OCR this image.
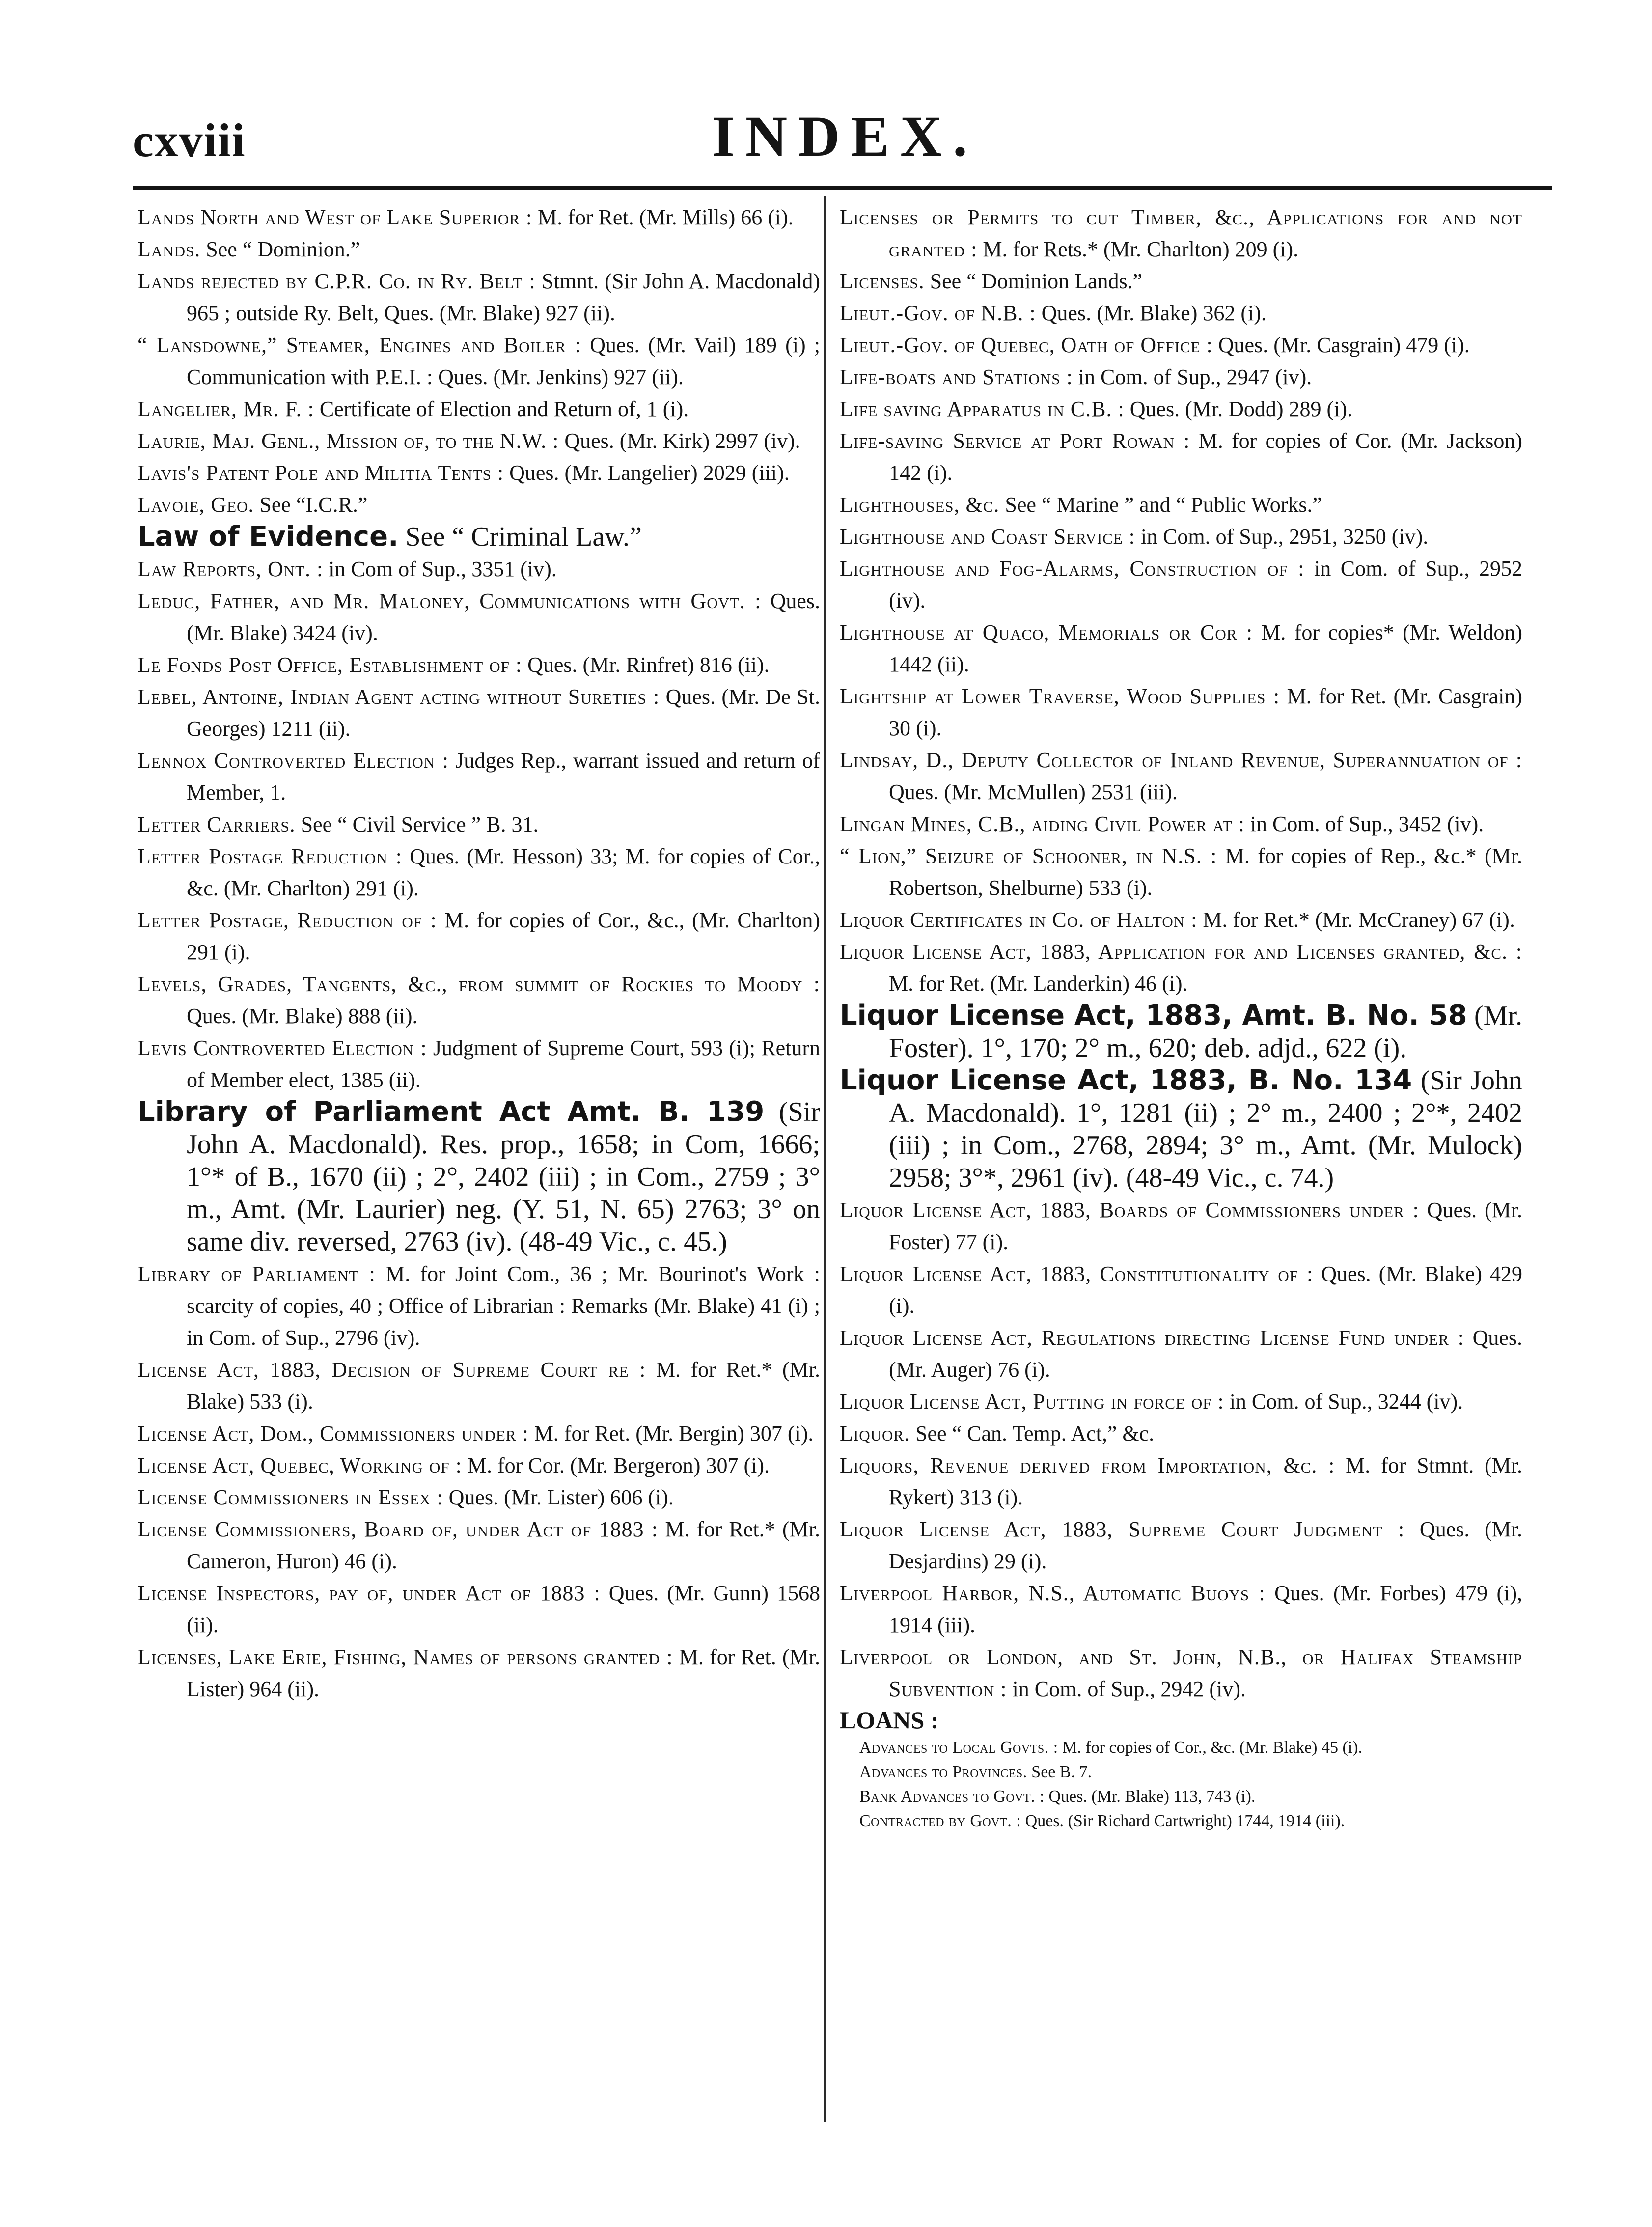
cxviii	INDEX.

Lands North and West of Lake Superior : M. for Ret. (Mr. Mills) 66 (i).

Lands. See “ Dominion.”

Lands rejected by C.P.R. Co. in Ry. Belt : Stmnt. (Sir John A. Macdonald) 965 ; outside Ry. Belt, Ques. (Mr. Blake) 927 (ii).

“ Lansdowne,” Steamer, Engines and Boiler : Ques. (Mr. Vail) 189 (i) ; Communication with P.E.I. : Ques. (Mr. Jenkins) 927 (ii).

Langelier, Mr. F. : Certificate of Election and Return of, 1 (i).

Laurie, Maj. Genl., Mission of, to the N.W. : Ques. (Mr. Kirk) 2997 (iv).

Lavis's Patent Pole and Militia Tents : Ques. (Mr. Langelier) 2029 (iii).

Lavoie, Geo. See “I.C.R.”

Law of Evidence. See “ Criminal Law.”

Law Reports, Ont. : in Com of Sup., 3351 (iv).

Leduc, Father, and Mr. Maloney, Communications with Govt. : Ques. (Mr. Blake) 3424 (iv).

Le Fonds Post Office, Establishment of : Ques. (Mr. Rinfret) 816 (ii).

Lebel, Antoine, Indian Agent acting without Sureties : Ques. (Mr. De St. Georges) 1211 (ii).

Lennox Controverted Election : Judges Rep., warrant issued and return of Member, 1.

Letter Carriers. See “ Civil Service ” B. 31.

Letter Postage Reduction : Ques. (Mr. Hesson) 33; M. for copies of Cor., &c. (Mr. Charlton) 291 (i).

Letter Postage, Reduction of : M. for copies of Cor., &c., (Mr. Charlton) 291 (i).

Levels, Grades, Tangents, &c., from summit of Rockies to Moody : Ques. (Mr. Blake) 888 (ii).

Levis Controverted Election : Judgment of Supreme Court, 593 (i); Return of Member elect, 1385 (ii).

Library of Parliament Act Amt. B. 139 (Sir John A. Macdonald). Res. prop., 1658; in Com, 1666; 1°* of B., 1670 (ii) ; 2°, 2402 (iii) ; in Com., 2759 ; 3° m., Amt. (Mr. Laurier) neg. (Y. 51, N. 65) 2763; 3° on same div. reversed, 2763 (iv). (48-49 Vic., c. 45.)

Library of Parliament : M. for Joint Com., 36 ; Mr. Bourinot's Work : scarcity of copies, 40 ; Office of Librarian : Remarks (Mr. Blake) 41 (i) ; in Com. of Sup., 2796 (iv).

License Act, 1883, Decision of Supreme Court re : M. for Ret.* (Mr. Blake) 533 (i).

License Act, Dom., Commissioners under : M. for Ret. (Mr. Bergin) 307 (i).

License Act, Quebec, Working of : M. for Cor. (Mr. Bergeron) 307 (i).

License Commissioners in Essex : Ques. (Mr. Lister) 606 (i).

License Commissioners, Board of, under Act of 1883 : M. for Ret.* (Mr. Cameron, Huron) 46 (i).

License Inspectors, pay of, under Act of 1883 : Ques. (Mr. Gunn) 1568 (ii).

Licenses, Lake Erie, Fishing, Names of persons granted : M. for Ret. (Mr. Lister) 964 (ii).

Licenses or Permits to cut Timber, &c., Applications for and not granted : M. for Rets.* (Mr. Charlton) 209 (i).

Licenses. See “ Dominion Lands.”

Lieut.-Gov. of N.B. : Ques. (Mr. Blake) 362 (i).

Lieut.-Gov. of Quebec, Oath of Office : Ques. (Mr. Casgrain) 479 (i).

Life-boats and Stations : in Com. of Sup., 2947 (iv).

Life saving Apparatus in C.B. : Ques. (Mr. Dodd) 289 (i).

Life-saving Service at Port Rowan : M. for copies of Cor. (Mr. Jackson) 142 (i).

Lighthouses, &c. See “ Marine ” and “ Public Works.”

Lighthouse and Coast Service : in Com. of Sup., 2951, 3250 (iv).

Lighthouse and Fog-Alarms, Construction of : in Com. of Sup., 2952 (iv).

Lighthouse at Quaco, Memorials or Cor : M. for copies* (Mr. Weldon) 1442 (ii).

Lightship at Lower Traverse, Wood Supplies : M. for Ret. (Mr. Casgrain) 30 (i).

Lindsay, D., Deputy Collector of Inland Revenue, Superannuation of : Ques. (Mr. McMullen) 2531 (iii).

Lingan Mines, C.B., aiding Civil Power at : in Com. of Sup., 3452 (iv).

“ Lion,” Seizure of Schooner, in N.S. : M. for copies of Rep., &c.* (Mr. Robertson, Shelburne) 533 (i).

Liquor Certificates in Co. of Halton : M. for Ret.* (Mr. McCraney) 67 (i).

Liquor License Act, 1883, Application for and Licenses granted, &c. : M. for Ret. (Mr. Landerkin) 46 (i).

Liquor License Act, 1883, Amt. B. No. 58 (Mr. Foster). 1°, 170; 2° m., 620; deb. adjd., 622 (i).

Liquor License Act, 1883, B. No. 134 (Sir John A. Macdonald). 1°, 1281 (ii) ; 2° m., 2400 ; 2°*, 2402 (iii) ; in Com., 2768, 2894; 3° m., Amt. (Mr. Mulock) 2958; 3°*, 2961 (iv). (48-49 Vic., c. 74.)

Liquor License Act, 1883, Boards of Commissioners under : Ques. (Mr. Foster) 77 (i).

Liquor License Act, 1883, Constitutionality of : Ques. (Mr. Blake) 429 (i).

Liquor License Act, Regulations directing License Fund under : Ques. (Mr. Auger) 76 (i).

Liquor License Act, Putting in force of : in Com. of Sup., 3244 (iv).

Liquor. See “ Can. Temp. Act,” &c.

Liquors, Revenue derived from Importation, &c. : M. for Stmnt. (Mr. Rykert) 313 (i).

Liquor License Act, 1883, Supreme Court Judgment : Ques. (Mr. Desjardins) 29 (i).

Liverpool Harbor, N.S., Automatic Buoys : Ques. (Mr. Forbes) 479 (i), 1914 (iii).

Liverpool or London, and St. John, N.B., or Halifax Steamship Subvention : in Com. of Sup., 2942 (iv).

LOANS :

Advances to Local Govts. : M. for copies of Cor., &c. (Mr. Blake) 45 (i).

Advances to Provinces. See B. 7.

Bank Advances to Govt. : Ques. (Mr. Blake) 113, 743 (i).

Contracted by Govt. : Ques. (Sir Richard Cartwright) 1744, 1914 (iii).
